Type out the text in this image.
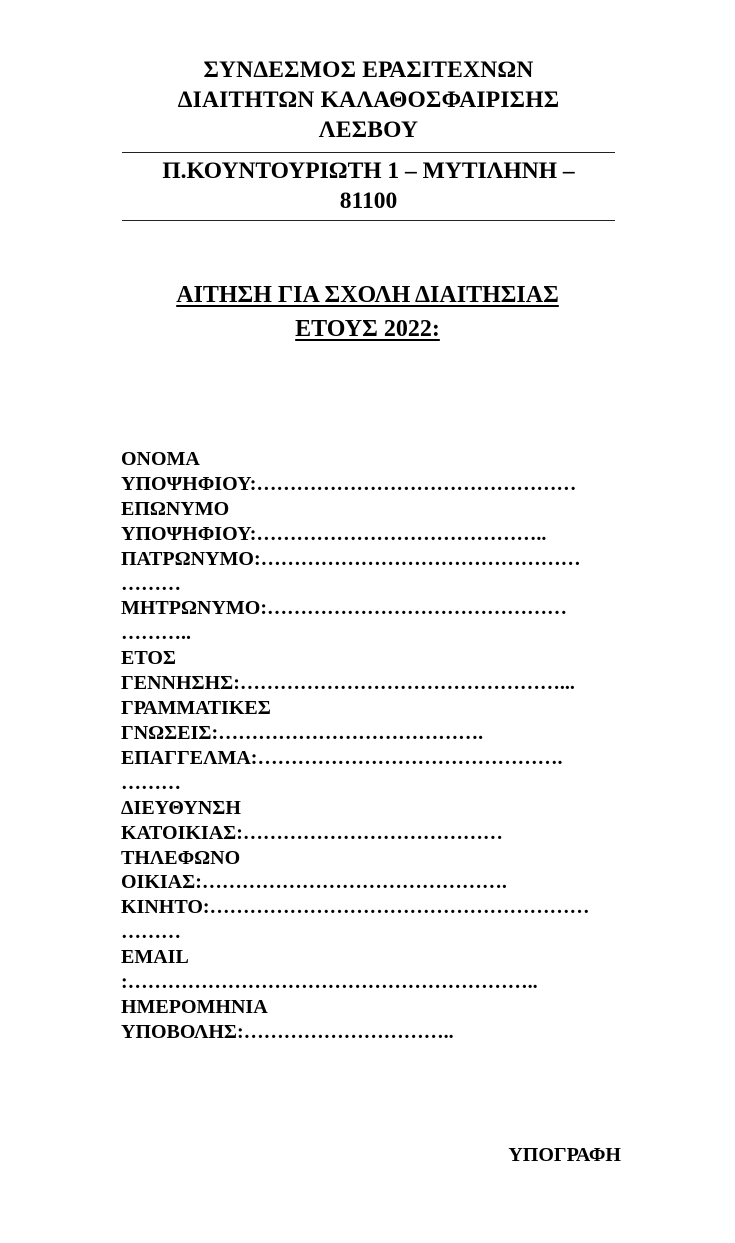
ΣΥΝΔΕΣΜΟΣ ΕΡΑΣΙΤΕΧΝΩΝ
ΔΙΑΙΤΗΤΩΝ ΚΑΛΑΘΟΣΦΑΙΡΙΣΗΣ
ΛΕΣΒΟΥ
Π.ΚΟΥΝΤΟΥΡΙΩΤΗ 1 – ΜΥΤΙΛΗΝΗ –
81100
ΑΙΤΗΣΗ ΓΙΑ ΣΧΟΛΗ ΔΙΑΙΤΗΣΙΑΣ
ΕΤΟΥΣ 2022:
ΟΝΟΜΑ
ΥΠΟΨΗΦΙΟΥ:…………………………………………
ΕΠΩΝΥΜΟ
ΥΠΟΨΗΦΙΟΥ:……………………………………..
ΠΑΤΡΩΝΥΜΟ:…………………………………………
………
ΜΗΤΡΩΝΥΜΟ:………………………………………
………..
ΕΤΟΣ
ΓΕΝΝΗΣΗΣ:…………………………………………...
ΓΡΑΜΜΑΤΙΚΕΣ
ΓΝΩΣΕΙΣ:………………………………….
ΕΠΑΓΓΕΛΜΑ:……………………………………….
………
ΔΙΕΥΘΥΝΣΗ
ΚΑΤΟΙΚΙΑΣ:…………………………………
ΤΗΛΕΦΩΝΟ
ΟΙΚΙΑΣ:……………………………………….
ΚΙΝΗΤΟ:…………………………………………………
………
EMAIL
:……………………………………………………..
ΗΜΕΡΟΜΗΝΙΑ
ΥΠΟΒΟΛΗΣ:…………………………..
ΥΠΟΓΡΑΦΗ
